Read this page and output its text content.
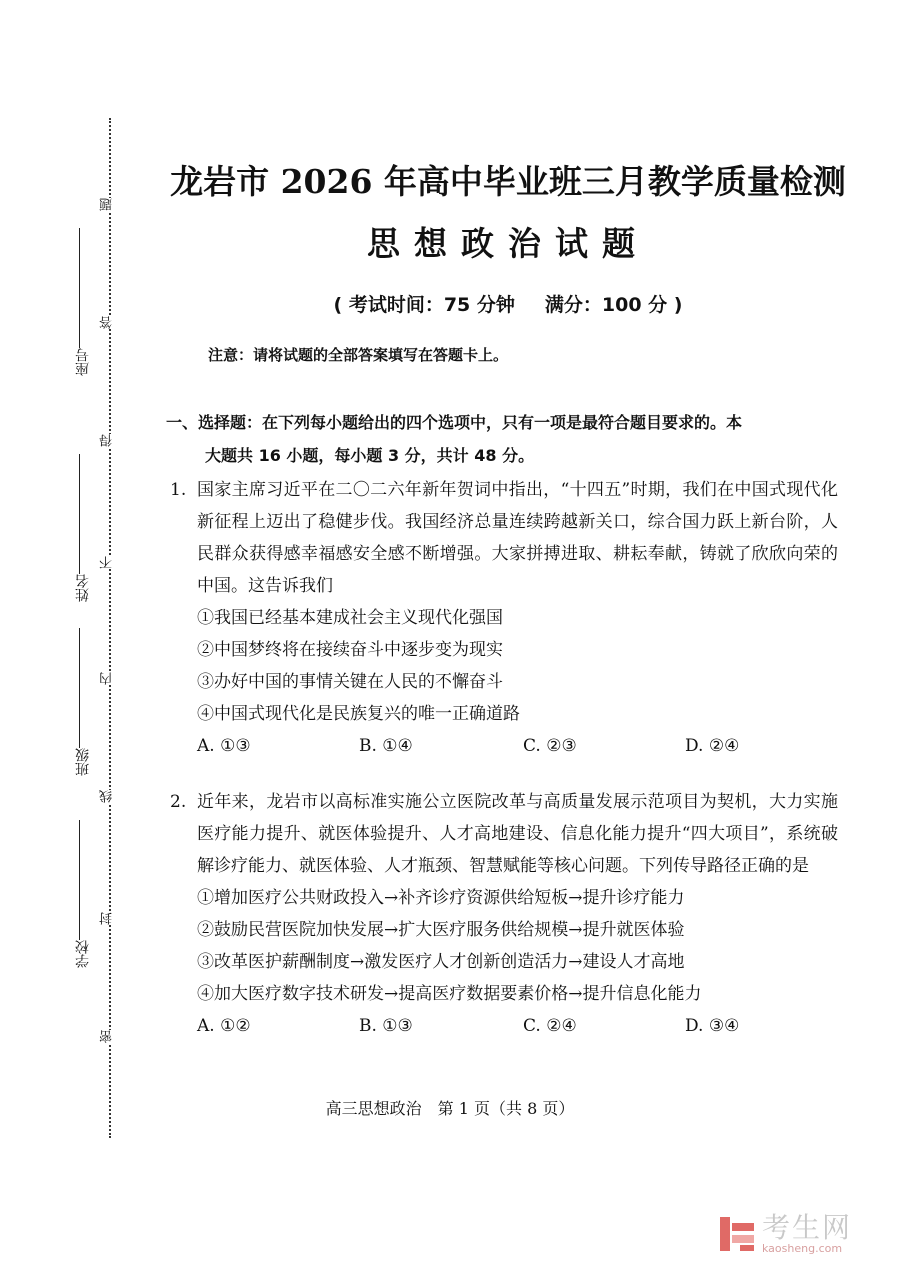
题
答
得
不
内
线
封
密
座号
姓名
班级
学校
龙岩市 2026 年高中毕业班三月教学质量检测
思想政治试题
( 考试时间：75 分钟 满分：100 分 )
注意：请将试题的全部答案填写在答题卡上。
一、选择题：在下列每小题给出的四个选项中，只有一项是最符合题目要求的。本
大题共 16 小题，每小题 3 分，共计 48 分。
1. 国家主席习近平在二〇二六年新年贺词中指出，“十四五”时期，我们在中国式现代化新征程上迈出了稳健步伐。我国经济总量连续跨越新关口，综合国力跃上新台阶，人民群众获得感幸福感安全感不断增强。大家拼搏进取、耕耘奉献，铸就了欣欣向荣的中国。这告诉我们
①我国已经基本建成社会主义现代化强国
②中国梦终将在接续奋斗中逐步变为现实
③办好中国的事情关键在人民的不懈奋斗
④中国式现代化是民族复兴的唯一正确道路
A. ①③	B. ①④	C. ②③	D. ②④
2. 近年来，龙岩市以高标准实施公立医院改革与高质量发展示范项目为契机，大力实施医疗能力提升、就医体验提升、人才高地建设、信息化能力提升“四大项目”，系统破解诊疗能力、就医体验、人才瓶颈、智慧赋能等核心问题。下列传导路径正确的是
①增加医疗公共财政投入→补齐诊疗资源供给短板→提升诊疗能力
②鼓励民营医院加快发展→扩大医疗服务供给规模→提升就医体验
③改革医护薪酬制度→激发医疗人才创新创造活力→建设人才高地
④加大医疗数字技术研发→提高医疗数据要素价格→提升信息化能力
A. ①②	B. ①③	C. ②④	D. ③④
高三思想政治　第 1 页（共 8 页）
考生网
kaosheng.com
